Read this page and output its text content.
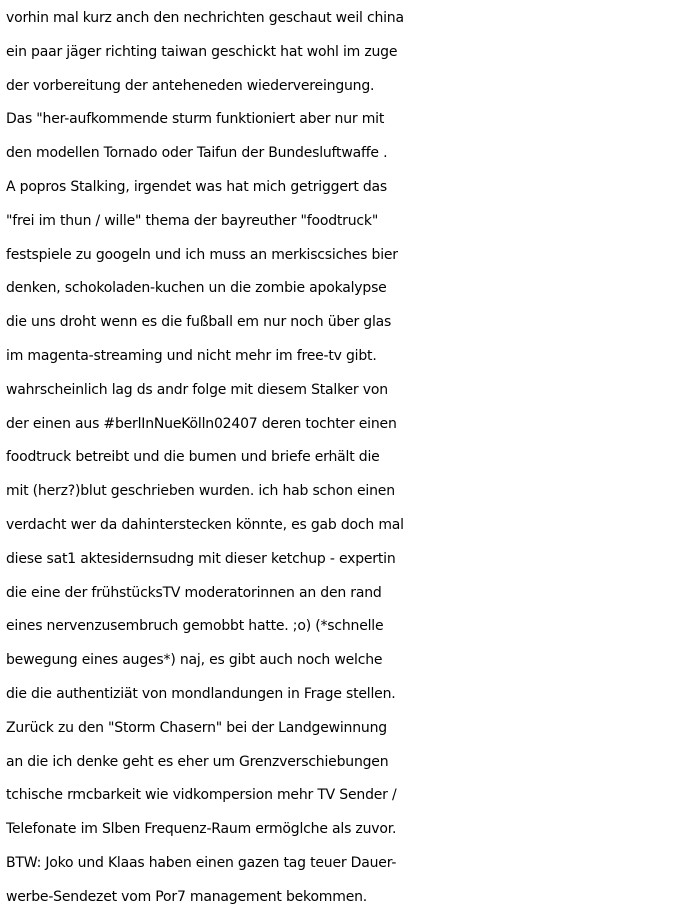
vorhin mal kurz anch den nechrichten geschaut weil china
ein paar jäger richting taiwan geschickt hat wohl im zuge
der vorbereitung der anteheneden wiedervereingung.
Das "her-aufkommende sturm funktioniert aber nur mit
den modellen Tornado oder Taifun der Bundesluftwaffe .
A popros Stalking, irgendet was hat mich getriggert das
"frei im thun / wille" thema der bayreuther "foodtruck"
festspiele zu googeln und ich muss an merkiscsiches bier
denken, schokoladen-kuchen un die zombie apokalypse
die uns droht wenn es die fußball em nur noch über glas
im magenta-streaming und nicht mehr im free-tv gibt.
wahrscheinlich lag ds andr folge mit diesem Stalker von
der einen aus #berlInNueKölln02407 deren tochter einen
foodtruck betreibt und die bumen und briefe erhält die
mit (herz?)blut geschrieben wurden. ich hab schon einen
verdacht wer da dahinterstecken könnte, es gab doch mal
diese sat1 aktesidernsudng mit dieser ketchup - expertin
die eine der frühstücksTV moderatorinnen an den rand
eines nervenzusembruch gemobbt hatte. ;o) (*schnelle
bewegung eines auges*) naj, es gibt auch noch welche
die die authentiziät von mondlandungen in Frage stellen.
Zurück zu den "Storm Chasern" bei der Landgewinnung
an die ich denke geht es eher um Grenzverschiebungen
tchische rmcbarkeit wie vidkompersion mehr TV Sender /
Telefonate im Slben Frequenz-Raum ermöglche als zuvor.
BTW: Joko und Klaas haben einen gazen tag teuer Dauer-
werbe-Sendezet vom Por7 management bekommen.
